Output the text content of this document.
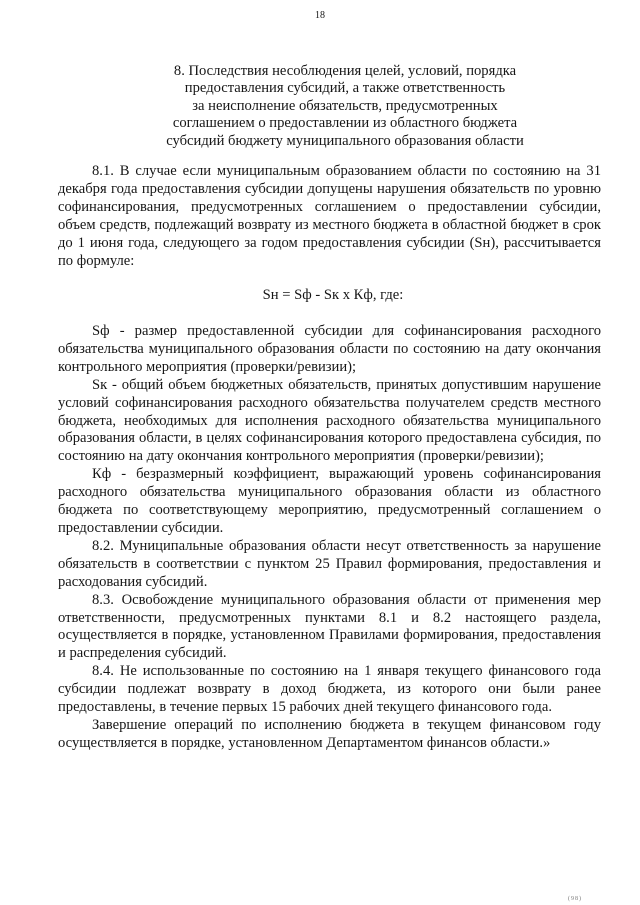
18
8. Последствия несоблюдения целей, условий, порядка
предоставления субсидий, а также ответственность
за неисполнение обязательств, предусмотренных
соглашением о предоставлении из областного бюджета
субсидий бюджету муниципального образования области

8.1. В случае если муниципальным образованием области по состоянию на 31 декабря года предоставления субсидии допущены нарушения обязательств по уровню софинансирования, предусмотренных соглашением о предоставлении субсидии, объем средств, подлежащий возврату из местного бюджета в областной бюджет в срок до 1 июня года, следующего за годом предоставления субсидии (Sн), рассчитывается по формуле:

Sн = Sф - Sк х Кф, где:

Sф - размер предоставленной субсидии для софинансирования расходного обязательства муниципального образования области по состоянию на дату окончания контрольного мероприятия (проверки/ревизии);

Sк - общий объем бюджетных обязательств, принятых допустившим нарушение условий софинансирования расходного обязательства получателем средств местного бюджета, необходимых для исполнения расходного обязательства муниципального образования области, в целях софинансирования которого предоставлена субсидия, по состоянию на дату окончания контрольного мероприятия (проверки/ревизии);

Кф - безразмерный коэффициент, выражающий уровень софинансирования расходного обязательства муниципального образования области из областного бюджета по соответствующему мероприятию, предусмотренный соглашением о предоставлении субсидии.

8.2. Муниципальные образования области несут ответственность за нарушение обязательств в соответствии с пунктом 25 Правил формирования, предоставления и расходования субсидий.

8.3. Освобождение муниципального образования области от применения мер ответственности, предусмотренных пунктами 8.1 и 8.2 настоящего раздела, осуществляется в порядке, установленном Правилами формирования, предоставления и распределения субсидий.

8.4. Не использованные по состоянию на 1 января текущего финансового года субсидии подлежат возврату в доход бюджета, из которого они были ранее предоставлены, в течение первых 15 рабочих дней текущего финансового года.

Завершение операций по исполнению бюджета в текущем финансовом году осуществляется в порядке, установленном Департаментом финансов области.»

(98)
